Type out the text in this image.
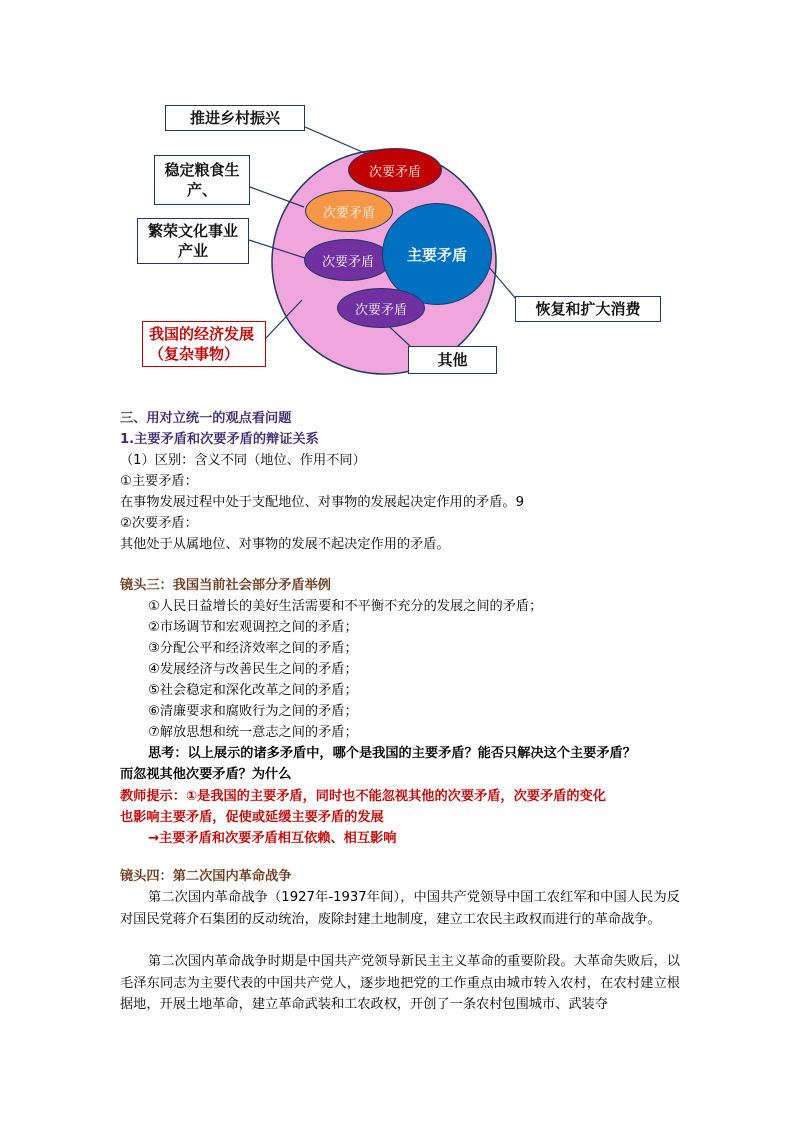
次要矛盾
次要矛盾
次要矛盾	主要矛盾
次要矛盾
推进乡村振兴
稳定粮食生产、
繁荣文化事业产业
我国的经济发展（复杂事物）
恢复和扩大消费
其他
三、用对立统一的观点看问题
1.主要矛盾和次要矛盾的辩证关系
（1）区别：含义不同（地位、作用不同）
①主要矛盾：
在事物发展过程中处于支配地位、对事物的发展起决定作用的矛盾。9
②次要矛盾：
其他处于从属地位、对事物的发展不起决定作用的矛盾。
镜头三：我国当前社会部分矛盾举例
①人民日益增长的美好生活需要和不平衡不充分的发展之间的矛盾；
②市场调节和宏观调控之间的矛盾；
③分配公平和经济效率之间的矛盾；
④发展经济与改善民生之间的矛盾；
⑤社会稳定和深化改革之间的矛盾；
⑥清廉要求和腐败行为之间的矛盾；
⑦解放思想和统一意志之间的矛盾；
思考：以上展示的诸多矛盾中，哪个是我国的主要矛盾？能否只解决这个主要矛盾？
而忽视其他次要矛盾？为什么
教师提示：①是我国的主要矛盾，同时也不能忽视其他的次要矛盾，次要矛盾的变化
也影响主要矛盾，促使或延缓主要矛盾的发展
→主要矛盾和次要矛盾相互依赖、相互影响
镜头四：第二次国内革命战争
第二次国内革命战争（1927年-1937年间），中国共产党领导中国工农红军和中国人民为反对国民党蒋介石集团的反动统治，废除封建土地制度，建立工农民主政权而进行的革命战争。
第二次国内革命战争时期是中国共产党领导新民主主义革命的重要阶段。大革命失败后，以毛泽东同志为主要代表的中国共产党人，逐步地把党的工作重点由城市转入农村，在农村建立根据地，开展土地革命，建立革命武装和工农政权，开创了一条农村包围城市、武装夺
